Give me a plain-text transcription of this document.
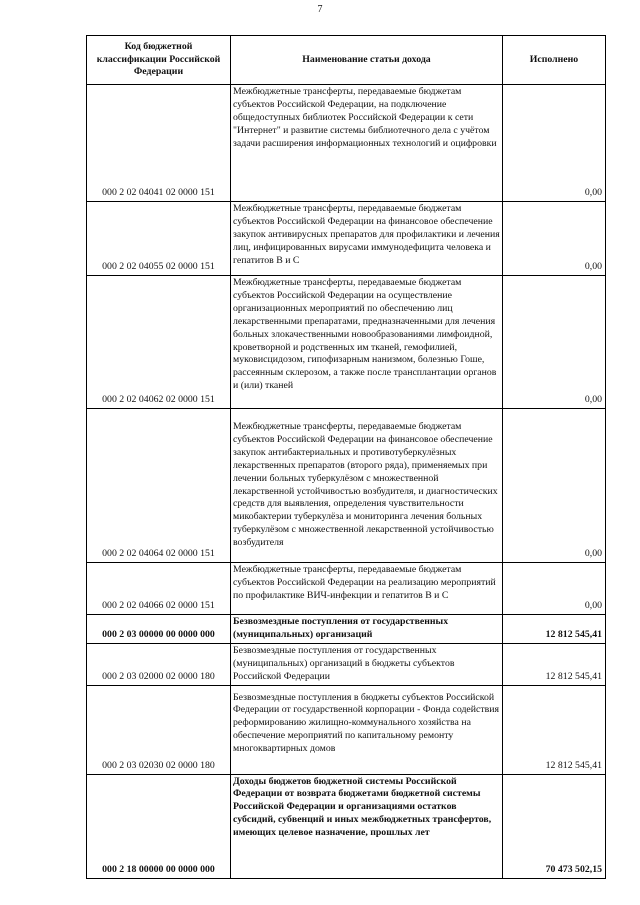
7
Код бюджетной классификации Российской Федерации	Наименование статьи дохода	Исполнено
000 2 02 04041 02 0000 151	Межбюджетные трансферты, передаваемые бюджетам субъектов Российской Федерации, на подключение общедоступных библиотек Российской Федерации к сети "Интернет" и развитие системы библиотечного дела с учётом задачи расширения информационных технологий и оцифровки	0,00
000 2 02 04055 02 0000 151	Межбюджетные трансферты, передаваемые бюджетам субъектов Российской Федерации на финансовое обеспечение закупок антивирусных препаратов для профилактики и лечения лиц, инфицированных вирусами иммунодефицита человека и гепатитов В и С	0,00
000 2 02 04062 02 0000 151	Межбюджетные трансферты, передаваемые бюджетам субъектов Российской Федерации на осуществление организационных мероприятий по обеспечению лиц лекарственными препаратами, предназначенными для лечения больных злокачественными новообразованиями лимфоидной, кроветворной и родственных им тканей, гемофилией, муковисцидозом, гипофизарным нанизмом, болезнью Гоше, рассеянным склерозом, а также после трансплантации органов и (или) тканей	0,00
000 2 02 04064 02 0000 151	Межбюджетные трансферты, передаваемые бюджетам субъектов Российской Федерации на финансовое обеспечение закупок антибактериальных и противотуберкулёзных лекарственных препаратов (второго ряда), применяемых при лечении больных туберкулёзом с множественной лекарственной устойчивостью возбудителя, и диагностических средств для выявления, определения чувствительности микобактерии туберкулёза и мониторинга лечения больных туберкулёзом с множественной лекарственной устойчивостью возбудителя	0,00
000 2 02 04066 02 0000 151	Межбюджетные трансферты, передаваемые бюджетам субъектов Российской Федерации на реализацию мероприятий по профилактике ВИЧ-инфекции и гепатитов В и С	0,00
000 2 03 00000 00 0000 000	Безвозмездные поступления от государственных (муниципальных) организаций	12 812 545,41
000 2 03 02000 02 0000 180	Безвозмездные поступления от государственных (муниципальных) организаций в бюджеты субъектов Российской Федерации	12 812 545,41
000 2 03 02030 02 0000 180	Безвозмездные поступления в бюджеты субъектов Российской Федерации от государственной корпорации - Фонда содействия реформированию жилищно-коммунального хозяйства на обеспечение мероприятий по капитальному ремонту многоквартирных домов	12 812 545,41
000 2 18 00000 00 0000 000	Доходы бюджетов бюджетной системы Российской Федерации от возврата бюджетами бюджетной системы Российской Федерации и организациями остатков субсидий, субвенций и иных межбюджетных трансфертов, имеющих целевое назначение, прошлых лет	70 473 502,15
